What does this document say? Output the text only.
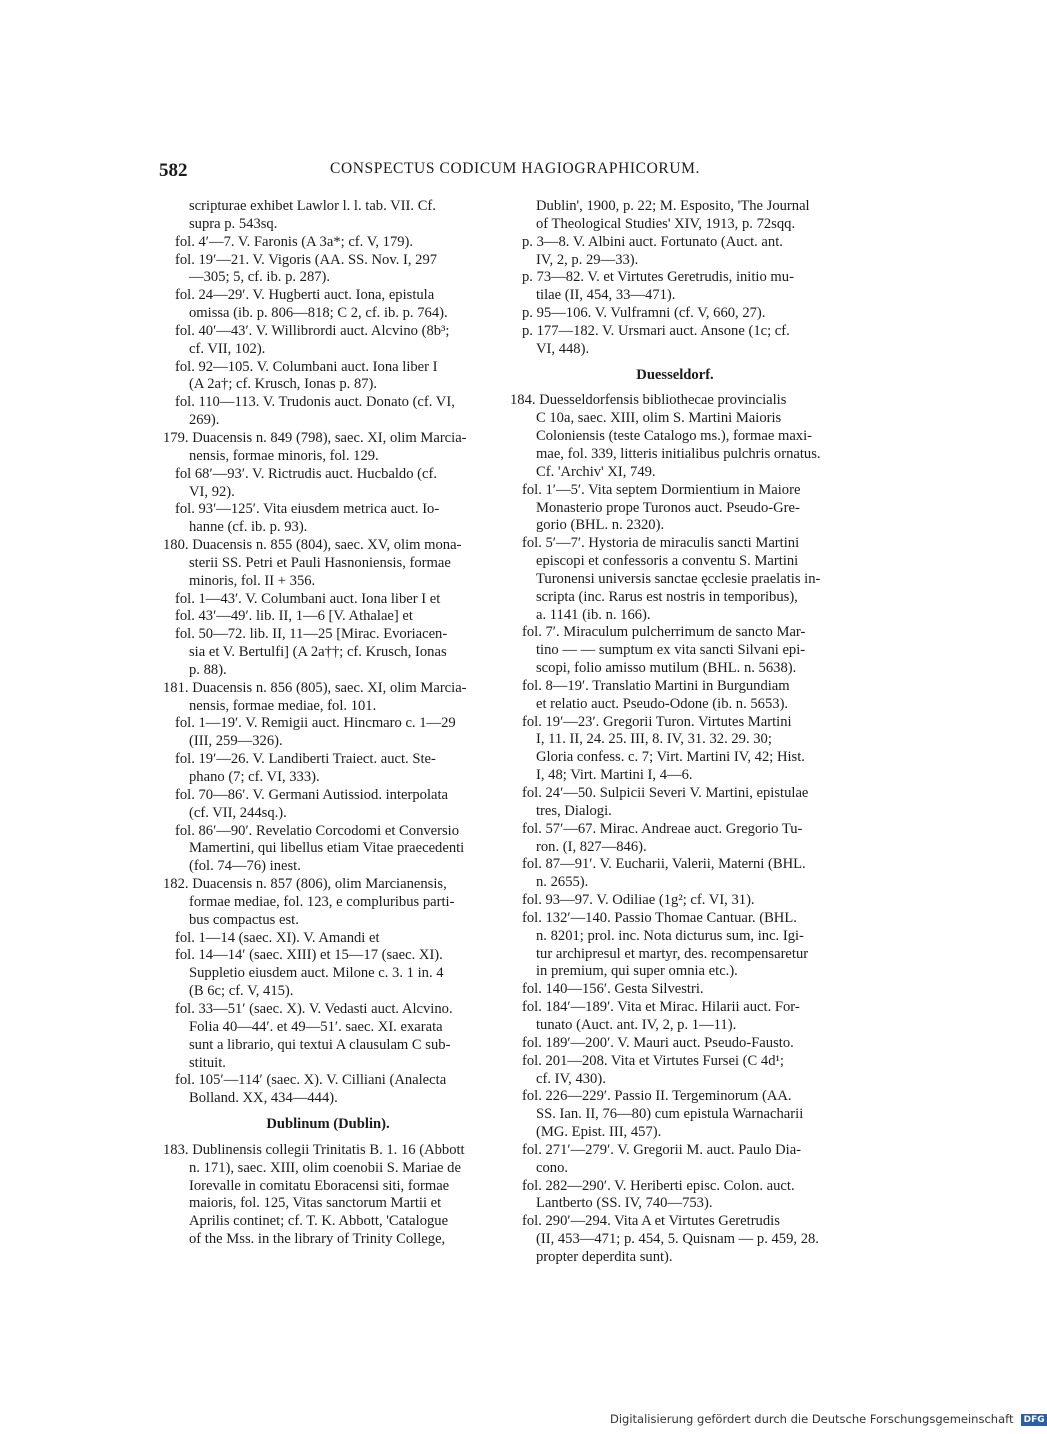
582	CONSPECTUS CODICUM HAGIOGRAPHICORUM.
scripturae exhibet Lawlor l. l. tab. VII. Cf.
supra p. 543sq.
fol. 4′—7. V. Faronis (A 3a*; cf. V, 179).
fol. 19′—21. V. Vigoris (AA. SS. Nov. I, 297
—305; 5, cf. ib. p. 287).
fol. 24—29′. V. Hugberti auct. Iona, epistula
omissa (ib. p. 806—818; C 2, cf. ib. p. 764).
fol. 40′—43′. V. Willibrordi auct. Alcvino (8b³;
cf. VII, 102).
fol. 92—105. V. Columbani auct. Iona liber I
(A 2a†; cf. Krusch, Ionas p. 87).
fol. 110—113. V. Trudonis auct. Donato (cf. VI,
269).
179. Duacensis n. 849 (798), saec. XI, olim Marcia-
nensis, formae minoris, fol. 129.
fol 68′—93′. V. Rictrudis auct. Hucbaldo (cf.
VI, 92).
fol. 93′—125′. Vita eiusdem metrica auct. Io-
hanne (cf. ib. p. 93).
180. Duacensis n. 855 (804), saec. XV, olim mona-
sterii SS. Petri et Pauli Hasnoniensis, formae
minoris, fol. II + 356.
fol. 1—43′. V. Columbani auct. Iona liber I et
fol. 43′—49′. lib. II, 1—6 [V. Athalae] et
fol. 50—72. lib. II, 11—25 [Mirac. Evoriacen-
sia et V. Bertulfi] (A 2a††; cf. Krusch, Ionas
p. 88).
181. Duacensis n. 856 (805), saec. XI, olim Marcia-
nensis, formae mediae, fol. 101.
fol. 1—19′. V. Remigii auct. Hincmaro c. 1—29
(III, 259—326).
fol. 19′—26. V. Landiberti Traiect. auct. Ste-
phano (7; cf. VI, 333).
fol. 70—86′. V. Germani Autissiod. interpolata
(cf. VII, 244sq.).
fol. 86′—90′. Revelatio Corcodomi et Conversio
Mamertini, qui libellus etiam Vitae praecedenti
(fol. 74—76) inest.
182. Duacensis n. 857 (806), olim Marcianensis,
formae mediae, fol. 123, e compluribus parti-
bus compactus est.
fol. 1—14 (saec. XI). V. Amandi et
fol. 14—14′ (saec. XIII) et 15—17 (saec. XI).
Suppletio eiusdem auct. Milone c. 3. 1 in. 4
(B 6c; cf. V, 415).
fol. 33—51′ (saec. X). V. Vedasti auct. Alcvino.
Folia 40—44′. et 49—51′. saec. XI. exarata
sunt a librario, qui textui A clausulam C sub-
stituit.
fol. 105′—114′ (saec. X). V. Cilliani (Analecta
Bolland. XX, 434—444).
Dublinum (Dublin).
183. Dublinensis collegii Trinitatis B. 1. 16 (Abbott
n. 171), saec. XIII, olim coenobii S. Mariae de
Iorevalle in comitatu Eboracensi siti, formae
maioris, fol. 125, Vitas sanctorum Martii et
Aprilis continet; cf. T. K. Abbott, 'Catalogue
of the Mss. in the library of Trinity College,
Dublin', 1900, p. 22; M. Esposito, 'The Journal
of Theological Studies' XIV, 1913, p. 72sqq.
p. 3—8. V. Albini auct. Fortunato (Auct. ant.
IV, 2, p. 29—33).
p. 73—82. V. et Virtutes Geretrudis, initio mu-
tilae (II, 454, 33—471).
p. 95—106. V. Vulframni (cf. V, 660, 27).
p. 177—182. V. Ursmari auct. Ansone (1c; cf.
VI, 448).
Duesseldorf.
184. Duesseldorfensis bibliothecae provincialis
C 10a, saec. XIII, olim S. Martini Maioris
Coloniensis (teste Catalogo ms.), formae maxi-
mae, fol. 339, litteris initialibus pulchris ornatus.
Cf. 'Archiv' XI, 749.
fol. 1′—5′. Vita septem Dormientium in Maiore
Monasterio prope Turonos auct. Pseudo-Gre-
gorio (BHL. n. 2320).
fol. 5′—7′. Hystoria de miraculis sancti Martini
episcopi et confessoris a conventu S. Martini
Turonensi universis sanctae ęcclesie praelatis in-
scripta (inc. Rarus est nostris in temporibus),
a. 1141 (ib. n. 166).
fol. 7′. Miraculum pulcherrimum de sancto Mar-
tino — — sumptum ex vita sancti Silvani epi-
scopi, folio amisso mutilum (BHL. n. 5638).
fol. 8—19′. Translatio Martini in Burgundiam
et relatio auct. Pseudo-Odone (ib. n. 5653).
fol. 19′—23′. Gregorii Turon. Virtutes Martini
I, 11. II, 24. 25. III, 8. IV, 31. 32. 29. 30;
Gloria confess. c. 7; Virt. Martini IV, 42; Hist.
I, 48; Virt. Martini I, 4—6.
fol. 24′—50. Sulpicii Severi V. Martini, epistulae
tres, Dialogi.
fol. 57′—67. Mirac. Andreae auct. Gregorio Tu-
ron. (I, 827—846).
fol. 87—91′. V. Eucharii, Valerii, Materni (BHL.
n. 2655).
fol. 93—97. V. Odiliae (1g²; cf. VI, 31).
fol. 132′—140. Passio Thomae Cantuar. (BHL.
n. 8201; prol. inc. Nota dicturus sum, inc. Igi-
tur archipresul et martyr, des. recompensaretur
in premium, qui super omnia etc.).
fol. 140—156′. Gesta Silvestri.
fol. 184′—189′. Vita et Mirac. Hilarii auct. For-
tunato (Auct. ant. IV, 2, p. 1—11).
fol. 189′—200′. V. Mauri auct. Pseudo-Fausto.
fol. 201—208. Vita et Virtutes Fursei (C 4d¹;
cf. IV, 430).
fol. 226—229′. Passio II. Tergeminorum (AA.
SS. Ian. II, 76—80) cum epistula Warnacharii
(MG. Epist. III, 457).
fol. 271′—279′. V. Gregorii M. auct. Paulo Dia-
cono.
fol. 282—290′. V. Heriberti episc. Colon. auct.
Lantberto (SS. IV, 740—753).
fol. 290′—294. Vita A et Virtutes Geretrudis
(II, 453—471; p. 454, 5. Quisnam — p. 459, 28.
propter deperdita sunt).
Digitalisierung gefördert durch die Deutsche Forschungsgemeinschaft DFG
